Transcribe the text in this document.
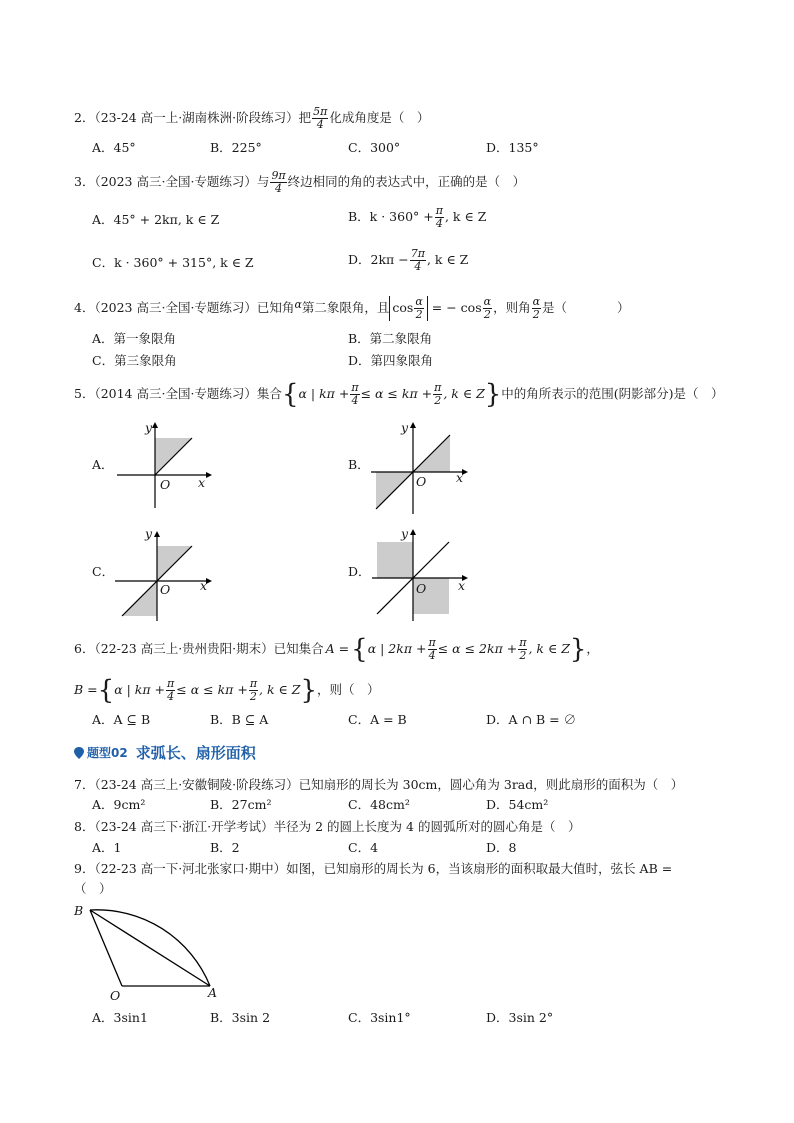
2．（23-24 高一上·湖南株洲·阶段练习）把 $\frac{5\pi}{4}$ 化成角度是（　）
A．45°	B．225°	C．300°	D．135°
3．（2023 高三·全国·专题练习）与 $\frac{9\pi}{4}$ 终边相同的角的表达式中，正确的是（　）
A．45° + 2kπ, k ∈ Z	B．$k \cdot 360^\circ + \frac{\pi}{4}$ , k ∈ Z
C．k · 360° + 315°, k ∈ Z	D．$2k\pi - \frac{7\pi}{4}$ , k ∈ Z
4．（2023 高三·全国·专题练习）已知角α第二象限角，且 $\cos \frac{\alpha}{2}$ = − $\cos \frac{\alpha}{2}$ ，则角 $\frac{\alpha}{2}$ 是（　　　　）
A．第一象限角	B．第二象限角
C．第三象限角	D．第四象限角
5．（2014 高三·全国·专题练习）集合{α | $k\pi + \frac{\pi}{4} \le \alpha \le k\pi + \frac{\pi}{2}$ , k ∈ Z}中的角所表示的范围(阴影部分)是（　）
A．	B．
C．	D．
y
O x
y
O x
y
O x
y
O	x
6．（22-23 高三上·贵州贵阳·期末）已知集合 A ={α | $2k\pi + \frac{\pi}{4} \le \alpha \le 2k\pi + \frac{\pi}{2}$ , k ∈ Z}，
B ={α | $k\pi + \frac{\pi}{4} \le \alpha \le k\pi + \frac{\pi}{2}$ , k ∈ Z}，则（　）
A．A ⊆ B	B．B ⊆ A	C．A = B	D．A ∩ B = ∅
题型02 求弧长、扇形面积
7．（23-24 高三上·安徽铜陵·阶段练习）已知扇形的周长为 30cm，圆心角为 3rad，则此扇形的面积为（　）
A．9cm²	B．27cm²	C．48cm²	D．54cm²
8．（23-24 高三下·浙江·开学考试）半径为 2 的圆上长度为 4 的圆弧所对的圆心角是（　）
A．1	B．2	C．4	D．8
9．（22-23 高一下·河北张家口·期中）如图，已知扇形的周长为 6，当该扇形的面积取最大值时，弦长 AB =
（　）
B
O	A
A．3sin1	B．3sin 2	C．3sin1°	D．3sin 2°
